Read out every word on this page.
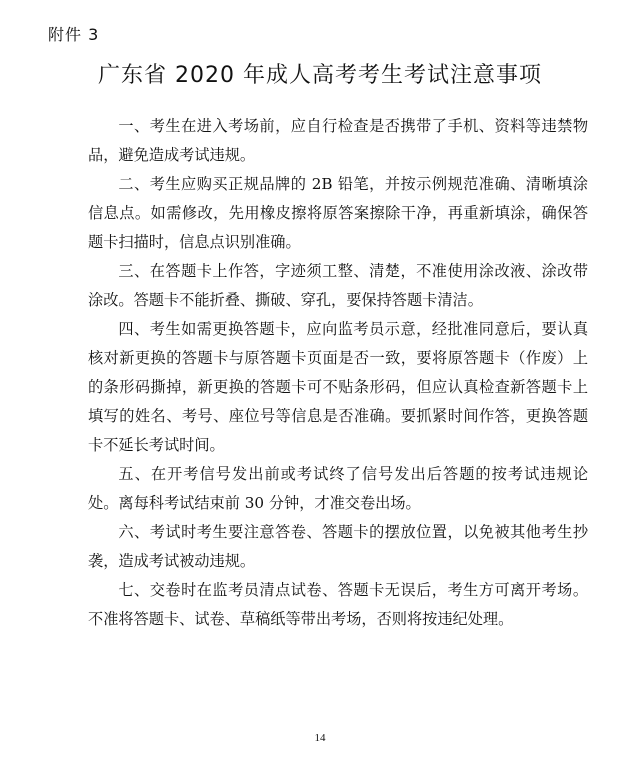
附件 3
广东省 2020 年成人高考考生考试注意事项

一、考生在进入考场前，应自行检查是否携带了手机、资料等违禁物品，避免造成考试违规。

二、考生应购买正规品牌的 2B 铅笔，并按示例规范准确、清晰填涂信息点。如需修改，先用橡皮擦将原答案擦除干净，再重新填涂，确保答题卡扫描时，信息点识别准确。

三、在答题卡上作答，字迹须工整、清楚，不准使用涂改液、涂改带涂改。答题卡不能折叠、撕破、穿孔，要保持答题卡清洁。

四、考生如需更换答题卡，应向监考员示意，经批准同意后，要认真核对新更换的答题卡与原答题卡页面是否一致，要将原答题卡（作废）上的条形码撕掉，新更换的答题卡可不贴条形码，但应认真检查新答题卡上填写的姓名、考号、座位号等信息是否准确。要抓紧时间作答，更换答题卡不延长考试时间。

五、在开考信号发出前或考试终了信号发出后答题的按考试违规论处。离每科考试结束前 30 分钟，才准交卷出场。

六、考试时考生要注意答卷、答题卡的摆放位置，以免被其他考生抄袭，造成考试被动违规。

七、交卷时在监考员清点试卷、答题卡无误后，考生方可离开考场。不准将答题卡、试卷、草稿纸等带出考场，否则将按违纪处理。

14
